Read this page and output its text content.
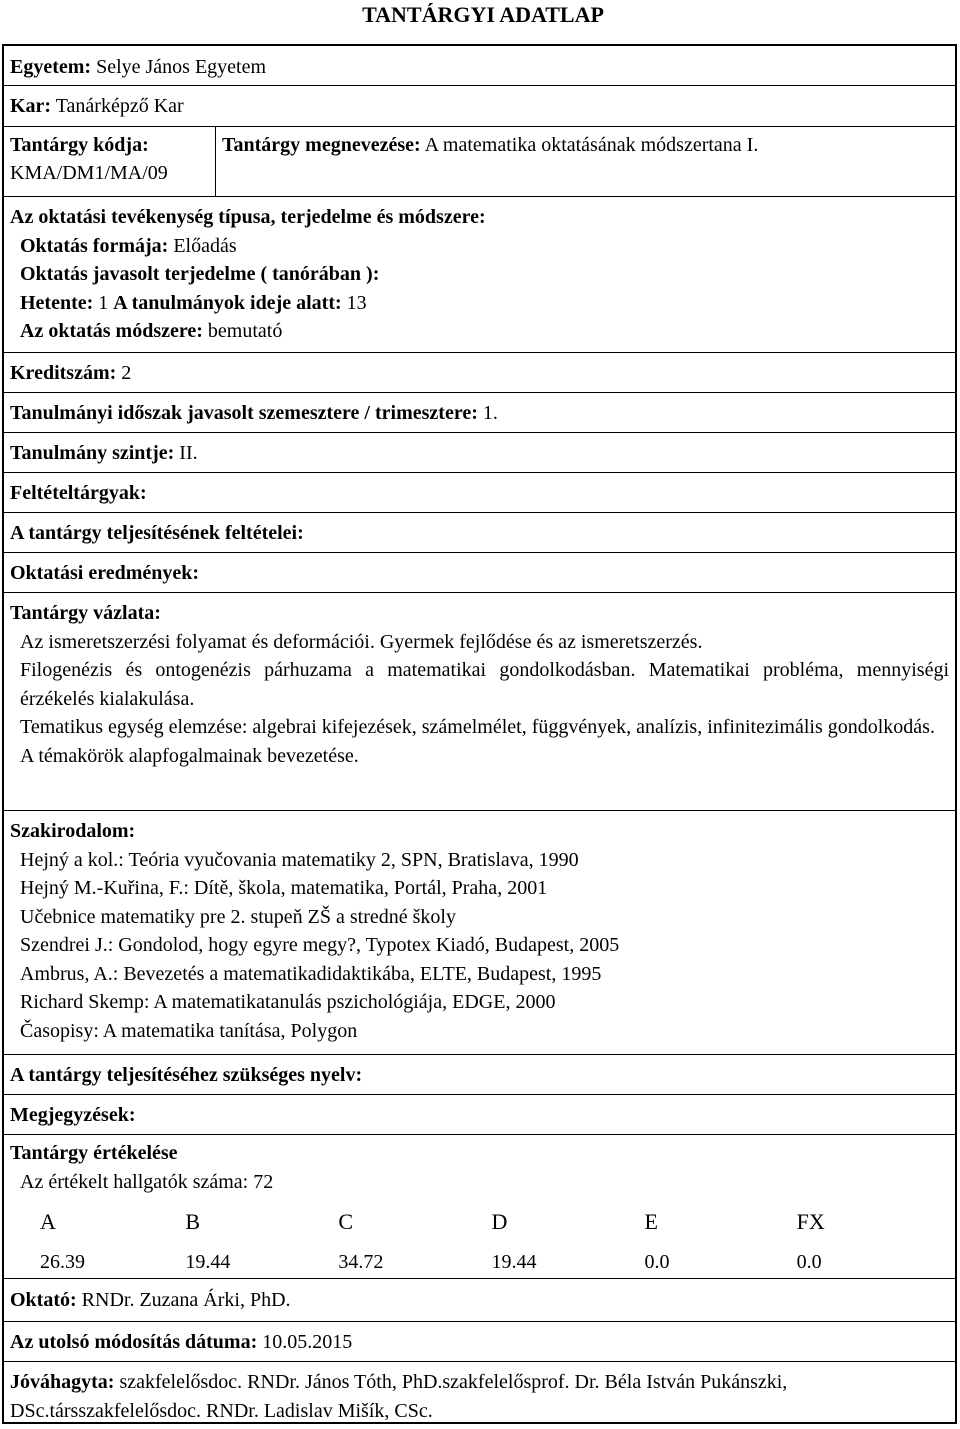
TANTÁRGYI ADATLAP
Egyetem: Selye János Egyetem
Kar: Tanárképző Kar
Tantárgy kódja:
KMA/DM1/MA/09
Tantárgy megnevezése: A matematika oktatásának módszertana I.
Az oktatási tevékenység típusa, terjedelme és módszere:
Oktatás formája: Előadás
Oktatás javasolt terjedelme ( tanórában ):
Hetente: 1 A tanulmányok ideje alatt: 13
Az oktatás módszere: bemutató
Kreditszám: 2
Tanulmányi időszak javasolt szemesztere / trimesztere: 1.
Tanulmány szintje: II.
Feltételtárgyak:
A tantárgy teljesítésének feltételei:
Oktatási eredmények:
Tantárgy vázlata:
Az ismeretszerzési folyamat és deformációi. Gyermek fejlődése és az ismeretszerzés.
Filogenézis és ontogenézis párhuzama a matematikai gondolkodásban. Matematikai probléma, mennyiségi érzékelés kialakulása.
Tematikus egység elemzése: algebrai kifejezések, számelmélet, függvények, analízis, infinitezimális gondolkodás.
A témakörök alapfogalmainak bevezetése.
Szakirodalom:
Hejný a kol.: Teória vyučovania matematiky 2, SPN, Bratislava, 1990
Hejný M.-Kuřina, F.: Dítě, škola, matematika, Portál, Praha, 2001
Učebnice matematiky pre 2. stupeň ZŠ a stredné školy
Szendrei J.: Gondolod, hogy egyre megy?, Typotex Kiadó, Budapest, 2005
Ambrus, A.: Bevezetés a matematikadidaktikába, ELTE, Budapest, 1995
Richard Skemp: A matematikatanulás pszichológiája, EDGE, 2000
Časopisy: A matematika tanítása, Polygon
A tantárgy teljesítéséhez szükséges nyelv:
Megjegyzések:
Tantárgy értékelése
Az értékelt hallgatók száma: 72
A	B	C	D	E	FX
26.39	19.44	34.72	19.44	0.0	0.0
Oktató: RNDr. Zuzana Árki, PhD.
Az utolsó módosítás dátuma: 10.05.2015
Jóváhagyta: szakfelelősdoc. RNDr. János Tóth, PhD.szakfelelősprof. Dr. Béla István Pukánszki, DSc.társszakfelelősdoc. RNDr. Ladislav Mišík, CSc.
